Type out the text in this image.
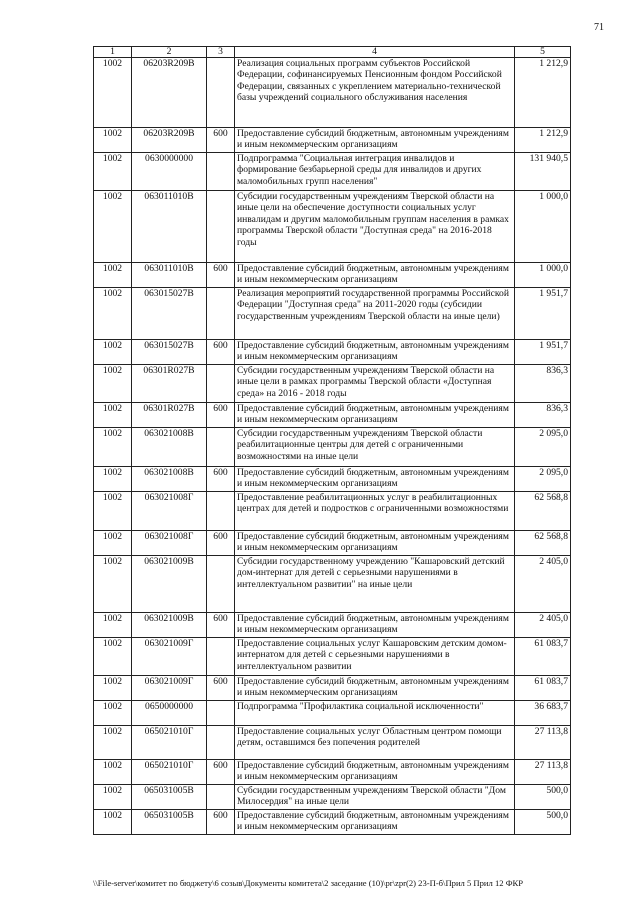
71
1	2	3	4	5
1002	06203R209В		Реализация социальных программ субъектов Российской Федерации, софинансируемых Пенсионным фондом Российской Федерации, связанных с укреплением материально-технической базы учреждений социального обслуживания населения	1 212,9
1002	06203R209В	600	Предоставление субсидий бюджетным, автономным учреждениям и иным некоммерческим организациям	1 212,9
1002	0630000000		Подпрограмма "Социальная интеграция инвалидов и формирование безбарьерной среды для инвалидов и других маломобильных групп населения"	131 940,5
1002	063011010В		Субсидии государственным учреждениям Тверской области на иные цели на обеспечение доступности социальных услуг инвалидам и другим маломобильным группам населения в рамках программы Тверской области "Доступная среда" на 2016-2018 годы	1 000,0
1002	063011010В	600	Предоставление субсидий бюджетным, автономным учреждениям и иным некоммерческим организациям	1 000,0
1002	063015027В		Реализация мероприятий государственной программы Российской Федерации "Доступная среда" на 2011-2020 годы (субсидии государственным учреждениям Тверской области на иные цели)	1 951,7
1002	063015027В	600	Предоставление субсидий бюджетным, автономным учреждениям и иным некоммерческим организациям	1 951,7
1002	06301R027В		Субсидии государственным учреждениям Тверской области на иные цели в рамках программы Тверской области «Доступная среда» на 2016 - 2018 годы	836,3
1002	06301R027В	600	Предоставление субсидий бюджетным, автономным учреждениям и иным некоммерческим организациям	836,3
1002	063021008В		Субсидии государственным учреждениям Тверской области реабилитационные центры для детей с ограниченными возможностями на иные цели	2 095,0
1002	063021008В	600	Предоставление субсидий бюджетным, автономным учреждениям и иным некоммерческим организациям	2 095,0
1002	063021008Г		Предоставление реабилитационных услуг в реабилитационных центрах для детей и подростков с ограниченными возможностями	62 568,8
1002	063021008Г	600	Предоставление субсидий бюджетным, автономным учреждениям и иным некоммерческим организациям	62 568,8
1002	063021009В		Субсидии государственному учреждению "Кашаровский детский дом-интернат для детей с серьезными нарушениями в интеллектуальном развитии" на иные цели	2 405,0
1002	063021009В	600	Предоставление субсидий бюджетным, автономным учреждениям и иным некоммерческим организациям	2 405,0
1002	063021009Г		Предоставление социальных услуг Кашаровским детским домом-интернатом для детей с серьезными нарушениями в интеллектуальном развитии	61 083,7
1002	063021009Г	600	Предоставление субсидий бюджетным, автономным учреждениям и иным некоммерческим организациям	61 083,7
1002	0650000000		Подпрограмма "Профилактика социальной исключенности"	36 683,7
1002	065021010Г		Предоставление социальных услуг Областным центром помощи детям, оставшимся без попечения родителей	27 113,8
1002	065021010Г	600	Предоставление субсидий бюджетным, автономным учреждениям и иным некоммерческим организациям	27 113,8
1002	065031005В		Субсидии государственным учреждениям Тверской области "Дом Милосердия" на иные цели	500,0
1002	065031005В	600	Предоставление субсидий бюджетным, автономным учреждениям и иным некоммерческим организациям	500,0
\\File-server\комитет по бюджету\6 созыв\Документы комитета\2 заседание (10)\pr\zpr(2) 23-П-б\Прил 5 Прил 12 ФКР
